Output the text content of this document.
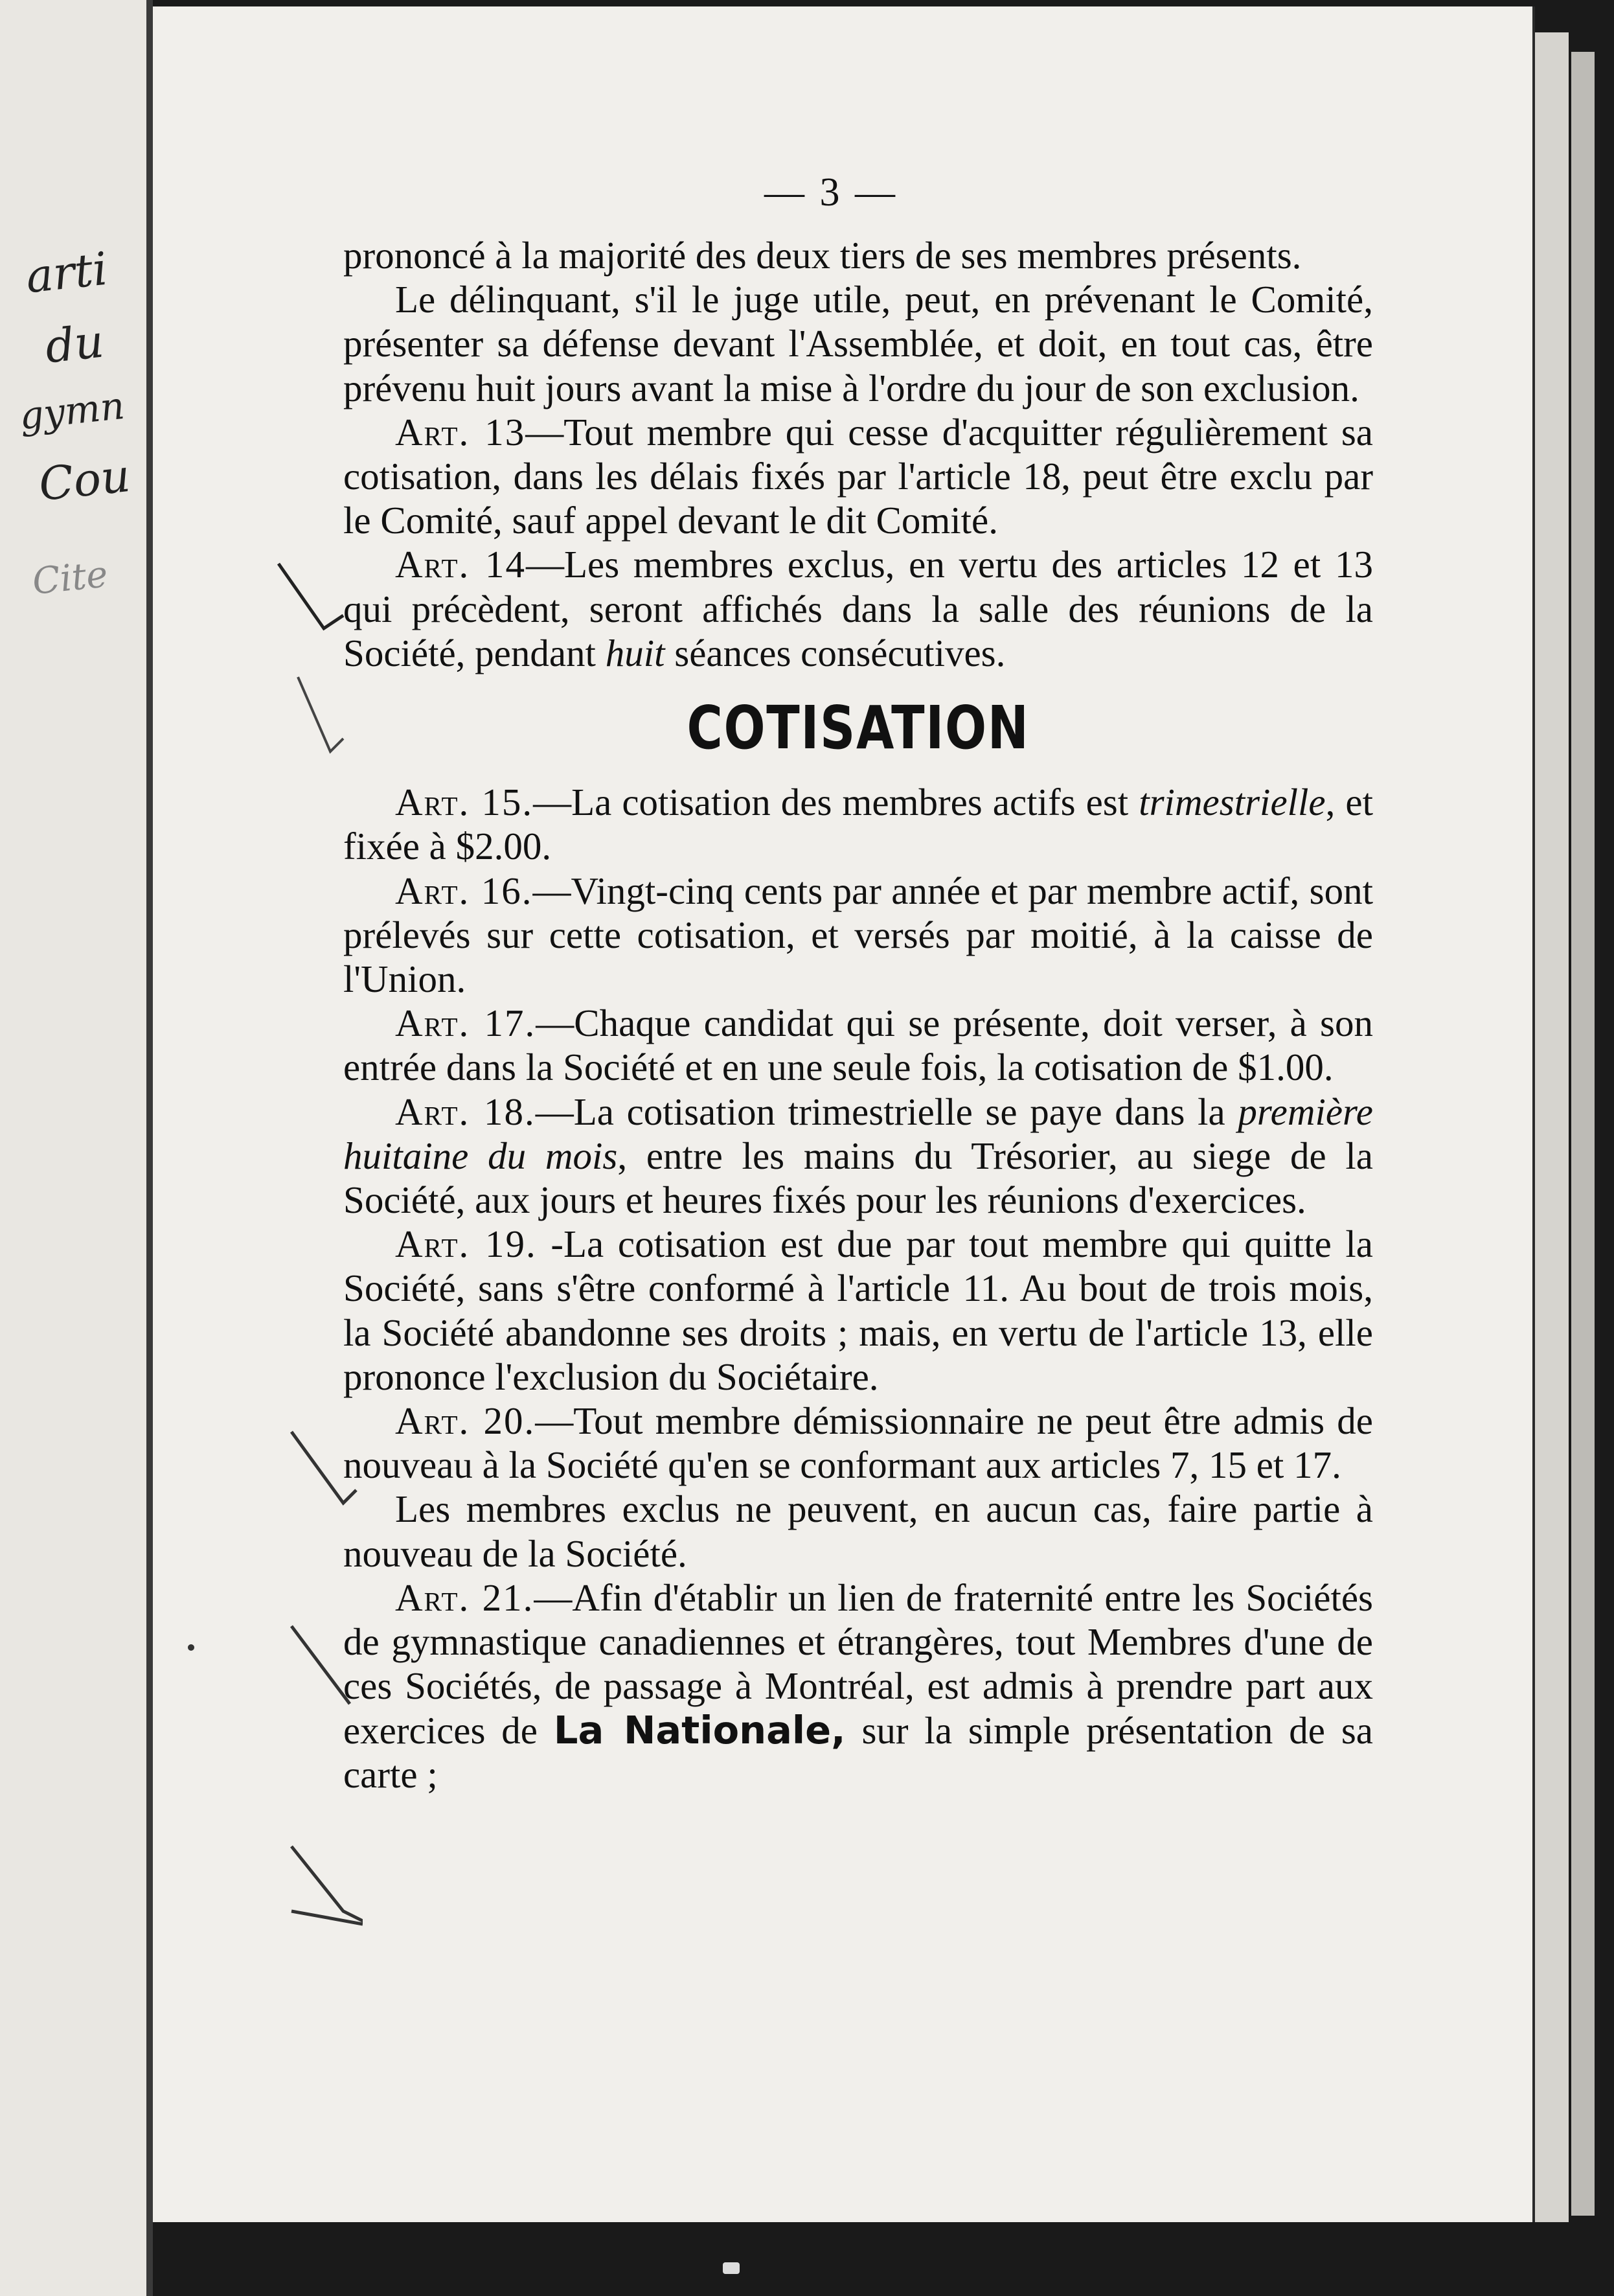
arti
du
gymn
Cou
Cite
— 3 —

prononcé à la majorité des deux tiers de ses membres présents.

Le délinquant, s'il le juge utile, peut, en prévenant le Comité, présenter sa défense devant l'Assemblée, et doit, en tout cas, être prévenu huit jours avant la mise à l'ordre du jour de son exclusion.

Art. 13—Tout membre qui cesse d'acquitter régulièrement sa cotisation, dans les délais fixés par l'article 18, peut être exclu par le Comité, sauf appel devant le dit Comité.

Art. 14—Les membres exclus, en vertu des articles 12 et 13 qui précèdent, seront affichés dans la salle des réunions de la Société, pendant huit séances consécutives.

COTISATION

Art. 15.—La cotisation des membres actifs est trimestrielle, et fixée à $2.00.

Art. 16.—Vingt-cinq cents par année et par membre actif, sont prélevés sur cette cotisation, et versés par moitié, à la caisse de l'Union.

Art. 17.—Chaque candidat qui se présente, doit verser, à son entrée dans la Société et en une seule fois, la cotisation de $1.00.

Art. 18.—La cotisation trimestrielle se paye dans la première huitaine du mois, entre les mains du Trésorier, au siege de la Société, aux jours et heures fixés pour les réunions d'exercices.

Art. 19. -La cotisation est due par tout membre qui quitte la Société, sans s'être conformé à l'article 11. Au bout de trois mois, la Société abandonne ses droits ; mais, en vertu de l'article 13, elle prononce l'exclusion du Sociétaire.

Art. 20.—Tout membre démissionnaire ne peut être admis de nouveau à la Société qu'en se conformant aux articles 7, 15 et 17.

Les membres exclus ne peuvent, en aucun cas, faire partie à nouveau de la Société.

Art. 21.—Afin d'établir un lien de fraternité entre les Sociétés de gymnastique canadiennes et étrangères, tout Membres d'une de ces Sociétés, de passage à Montréal, est admis à prendre part aux exercices de La Nationale, sur la simple présentation de sa carte ;
